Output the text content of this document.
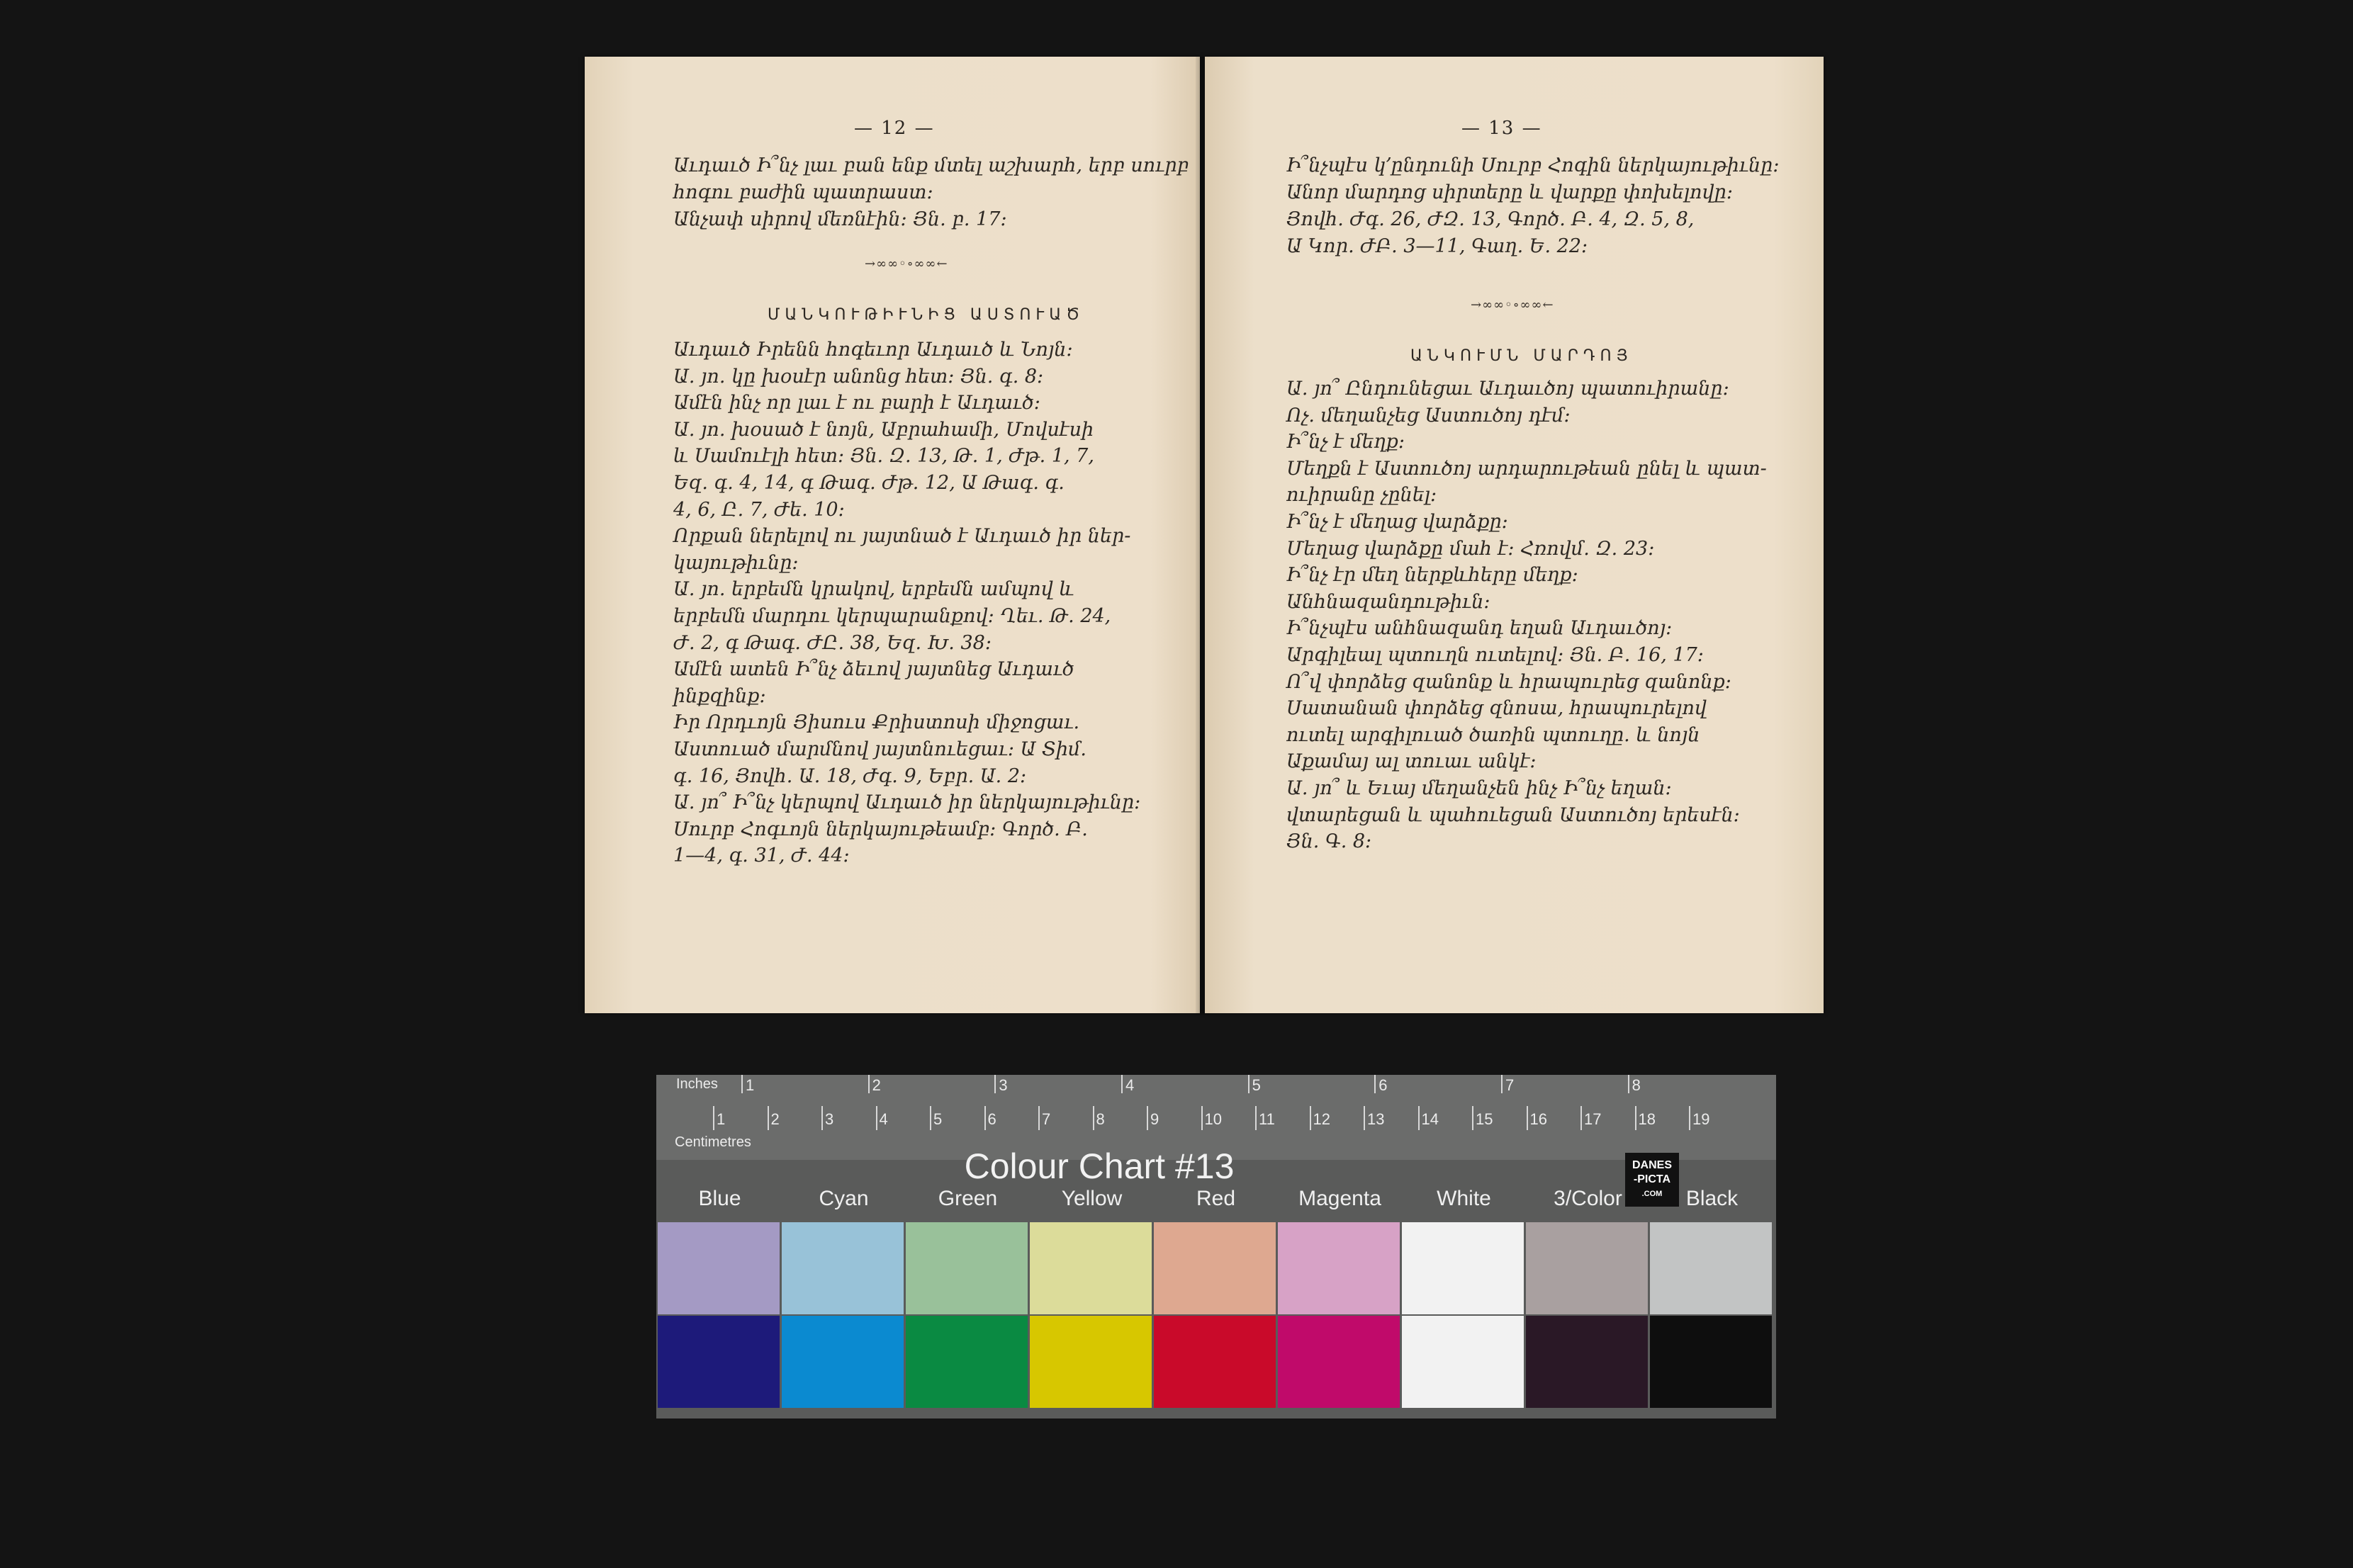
— 12 —
Աւդաւծ Ի՞նչ լաւ բան ենք մտել աշխարհ, երբ սուրբ
հոգու բաժին պատրաստ։
Անչափ սիրով մեռնէին։ Յն. բ. 17։
→∞∞◦∘∞∞←
ՄԱՆԿՈՒԹԻՒՆԻՑ ԱՍՏՈՒԱԾ
Աւդաւծ Իրենն հոգեւոր Աւդաւծ և Նոյն։
Ա. յո. կը խօսէր անոնց հետ։ Յն. գ. 8։
Ամէն ինչ որ լաւ է ու բարի է Աւդաւծ։
Ա. յո. խօսած է նոյն, Աբրահամի, Մովսէսի
և Սամուէլի հետ։ Յն. Զ. 13, Թ. 1, Ժթ. 1, 7,
Եզ. գ. 4, 14, գ Թագ. Ժթ. 12, Ա Թագ. գ.
4, 6, Ը. 7, Ժե. 10։
Որքան ներելով ու յայտնած է Աւդաւծ իր ներ-
կայութիւնը։
Ա. յո. երբեմն կրակով, երբեմն ամպով և
երբեմն մարդու կերպարանքով։ Ղեւ. Թ. 24,
Ժ. 2, գ Թագ. ԺԸ. 38, Եզ. Խ. 38։
Ամէն ատեն Ի՞նչ ձեւով յայտնեց Աւդաւծ
ինքզինք։
Իր Որդւոյն Յիսուս Քրիստոսի միջոցաւ.
Աստուած մարմնով յայտնուեցաւ։ Ա Տիմ.
գ. 16, Յովհ. Ա. 18, Ժգ. 9, Եբր. Ա. 2։
Ա. յո՞ Ի՞նչ կերպով Աւդաւծ իր ներկայութիւնը։
Սուրբ Հոգւոյն ներկայութեամբ։ Գործ. Բ.
1—4, գ. 31, Ժ. 44։
— 13 —
Ի՞նչպէս կ՚ընդունի Սուրբ Հոգին ներկայութիւնը։
Անոր մարդոց սիրտերը և վարքը փոխելովը։
Յովհ. Ժգ. 26, ԺԶ. 13, Գործ. Բ. 4, Զ. 5, 8,
Ա Կոր. ԺԲ. 3—11, Գաղ. Ե. 22։
→∞∞◦∘∞∞←
ԱՆԿՈՒՄՆ ՄԱՐԴՈՅ
Ա. յո՞ Ընդունեցաւ Աւդաւծոյ պատուիրանը։
Ոչ. մեղանչեց Աստուծոյ դէմ։
Ի՞նչ է մեղք։
Մեղքն է Աստուծոյ արդարութեան ընել և պատ-
ուիրանը չընել։
Ի՞նչ է մեղաց վարձքը։
Մեղաց վարձքը մահ է։ Հռովմ. Զ. 23։
Ի՞նչ էր մեղ ներքևհերը մեղք։
Անհնազանդութիւն։
Ի՞նչպէս անհնազանդ եղան Աւդաւծոյ։
Արգիլեալ պտուղն ուտելով։ Յն. Բ. 16, 17։
Ո՞վ փորձեց զանոնք և հրապուրեց զանոնք։
Սատանան փորձեց զնոսա, հրապուրելով
ուտել արգիլուած ծառին պտուղը. և նոյն
Աքամայ ալ տուաւ անկէ։
Ա. յո՞ և Եւայ մեղանչեն ինչ Ի՞նչ եղան։
վտարեցան և պահուեցան Աստուծոյ երեսէն։
Յն. Գ. 8։
Inches
Centimetres
1	2	3	4	5	6	7	8
1	2	3	4	5	6	7	8	9	10 11 12 13 14 15 16 17 18 19
Colour Chart #13	DANES
-PICTA
.COM
Blue	Cyan	Green	Yellow	Red	Magenta	White	3/Color	Black
